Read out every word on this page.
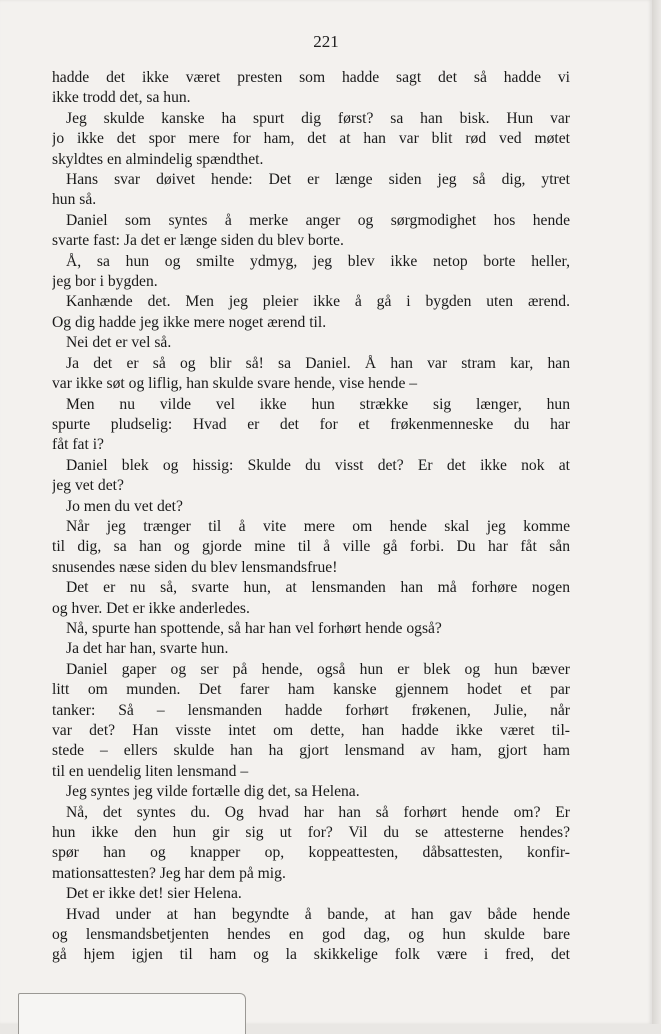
221
hadde det ikke været presten som hadde sagt det så hadde vi
ikke trodd det, sa hun.
Jeg skulde kanske ha spurt dig først? sa han bisk. Hun var
jo ikke det spor mere for ham, det at han var blit rød ved møtet
skyldtes en almindelig spændthet.
Hans svar døivet hende: Det er længe siden jeg så dig, ytret
hun så.
Daniel som syntes å merke anger og sørgmodighet hos hende
svarte fast: Ja det er længe siden du blev borte.
Å, sa hun og smilte ydmyg, jeg blev ikke netop borte heller,
jeg bor i bygden.
Kanhænde det. Men jeg pleier ikke å gå i bygden uten ærend.
Og dig hadde jeg ikke mere noget ærend til.
Nei det er vel så.
Ja det er så og blir så! sa Daniel. Å han var stram kar, han
var ikke søt og liflig, han skulde svare hende, vise hende –
Men nu vilde vel ikke hun strække sig længer, hun
spurte pludselig: Hvad er det for et frøkenmenneske du har
fåt fat i?
Daniel blek og hissig: Skulde du visst det? Er det ikke nok at
jeg vet det?
Jo men du vet det?
Når jeg trænger til å vite mere om hende skal jeg komme
til dig, sa han og gjorde mine til å ville gå forbi. Du har fåt sån
snusendes næse siden du blev lensmandsfrue!
Det er nu så, svarte hun, at lensmanden han må forhøre nogen
og hver. Det er ikke anderledes.
Nå, spurte han spottende, så har han vel forhørt hende også?
Ja det har han, svarte hun.
Daniel gaper og ser på hende, også hun er blek og hun bæver
litt om munden. Det farer ham kanske gjennem hodet et par
tanker: Så – lensmanden hadde forhørt frøkenen, Julie, når
var det? Han visste intet om dette, han hadde ikke været til-
stede – ellers skulde han ha gjort lensmand av ham, gjort ham
til en uendelig liten lensmand –
Jeg syntes jeg vilde fortælle dig det, sa Helena.
Nå, det syntes du. Og hvad har han så forhørt hende om? Er
hun ikke den hun gir sig ut for? Vil du se attesterne hendes?
spør han og knapper op, koppeattesten, dåbsattesten, konfir-
mationsattesten? Jeg har dem på mig.
Det er ikke det! sier Helena.
Hvad under at han begyndte å bande, at han gav både hende
og lensmandsbetjenten hendes en god dag, og hun skulde bare
gå hjem igjen til ham og la skikkelige folk være i fred, det
